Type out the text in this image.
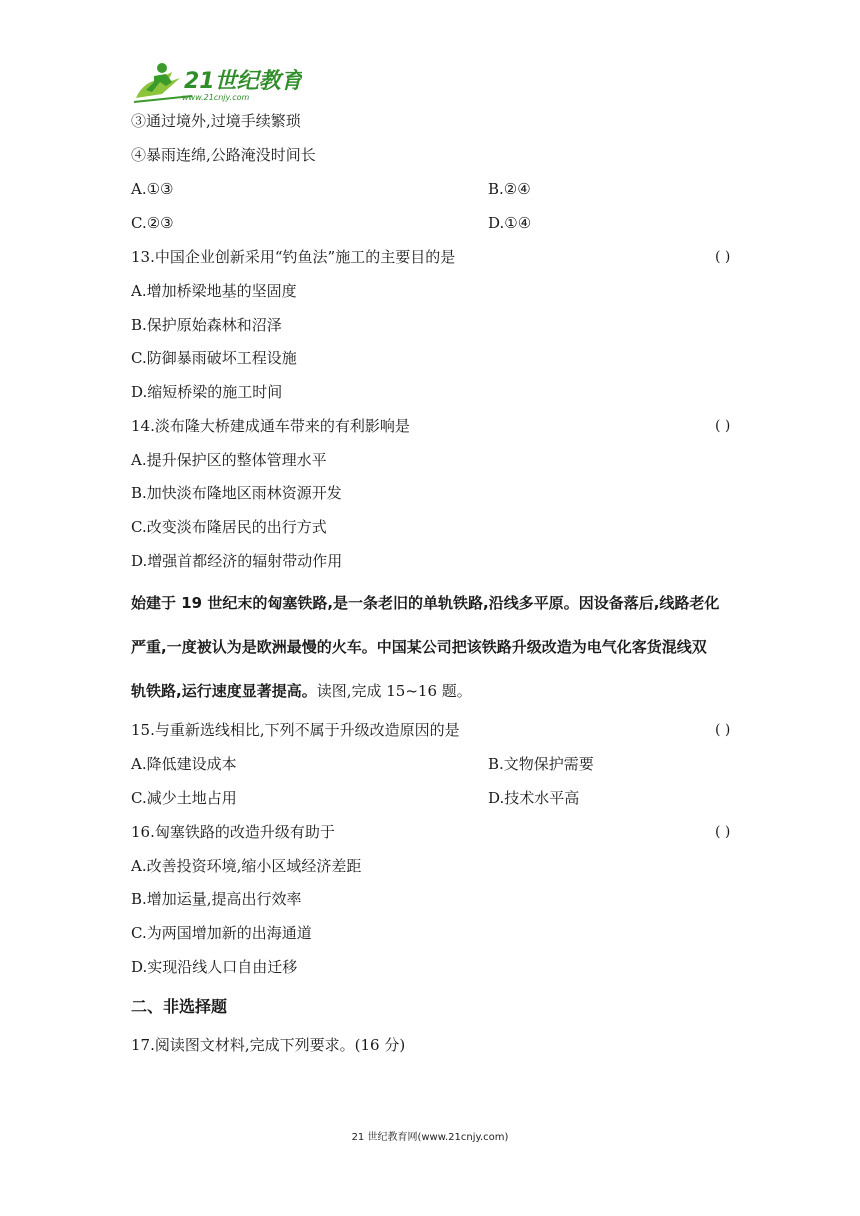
21世纪教育
www.21cnjy.com
③通过境外,过境手续繁琐
④暴雨连绵,公路淹没时间长
A.①③	B.②④
C.②③	D.①④
13.中国企业创新采用“钓鱼法”施工的主要目的是	( )
A.增加桥梁地基的坚固度
B.保护原始森林和沼泽
C.防御暴雨破坏工程设施
D.缩短桥梁的施工时间
14.淡布隆大桥建成通车带来的有利影响是	( )
A.提升保护区的整体管理水平
B.加快淡布隆地区雨林资源开发
C.改变淡布隆居民的出行方式
D.增强首都经济的辐射带动作用
始建于 19 世纪末的匈塞铁路,是一条老旧的单轨铁路,沿线多平原。因设备落后,线路老化
严重,一度被认为是欧洲最慢的火车。中国某公司把该铁路升级改造为电气化客货混线双
轨铁路,运行速度显著提高。读图,完成 15~16 题。
15.与重新选线相比,下列不属于升级改造原因的是	( )
A.降低建设成本	B.文物保护需要
C.减少土地占用	D.技术水平高
16.匈塞铁路的改造升级有助于	( )
A.改善投资环境,缩小区域经济差距
B.增加运量,提高出行效率
C.为两国增加新的出海通道
D.实现沿线人口自由迁移
二、非选择题
17.阅读图文材料,完成下列要求。(16 分)
21 世纪教育网(www.21cnjy.com)
